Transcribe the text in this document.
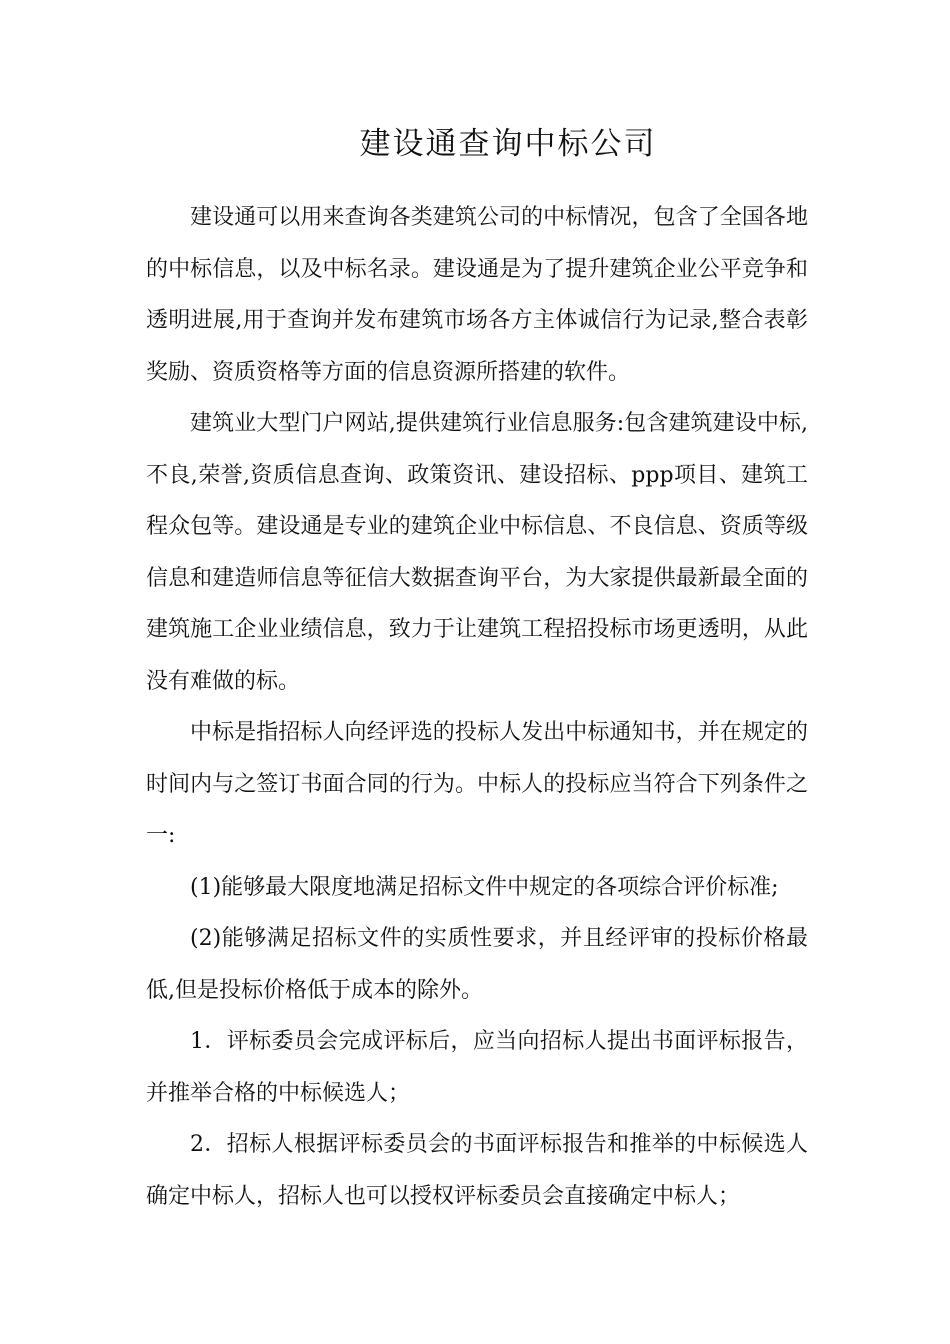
建设通查询中标公司

建设通可以用来查询各类建筑公司的中标情况，包含了全国各地的中标信息，以及中标名录。建设通是为了提升建筑企业公平竞争和透明进展,用于查询并发布建筑市场各方主体诚信行为记录,整合表彰奖励、资质资格等方面的信息资源所搭建的软件。

建筑业大型门户网站,提供建筑行业信息服务:包含建筑建设中标,不良,荣誉,资质信息查询、政策资讯、建设招标、ppp项目、建筑工程众包等。建设通是专业的建筑企业中标信息、不良信息、资质等级信息和建造师信息等征信大数据查询平台，为大家提供最新最全面的建筑施工企业业绩信息，致力于让建筑工程招投标市场更透明，从此没有难做的标。

中标是指招标人向经评选的投标人发出中标通知书，并在规定的时间内与之签订书面合同的行为。中标人的投标应当符合下列条件之一:

(1)能够最大限度地满足招标文件中规定的各项综合评价标准;

(2)能够满足招标文件的实质性要求，并且经评审的投标价格最低,但是投标价格低于成本的除外。

1．评标委员会完成评标后，应当向招标人提出书面评标报告，并推举合格的中标候选人；

2．招标人根据评标委员会的书面评标报告和推举的中标候选人确定中标人，招标人也可以授权评标委员会直接确定中标人；
